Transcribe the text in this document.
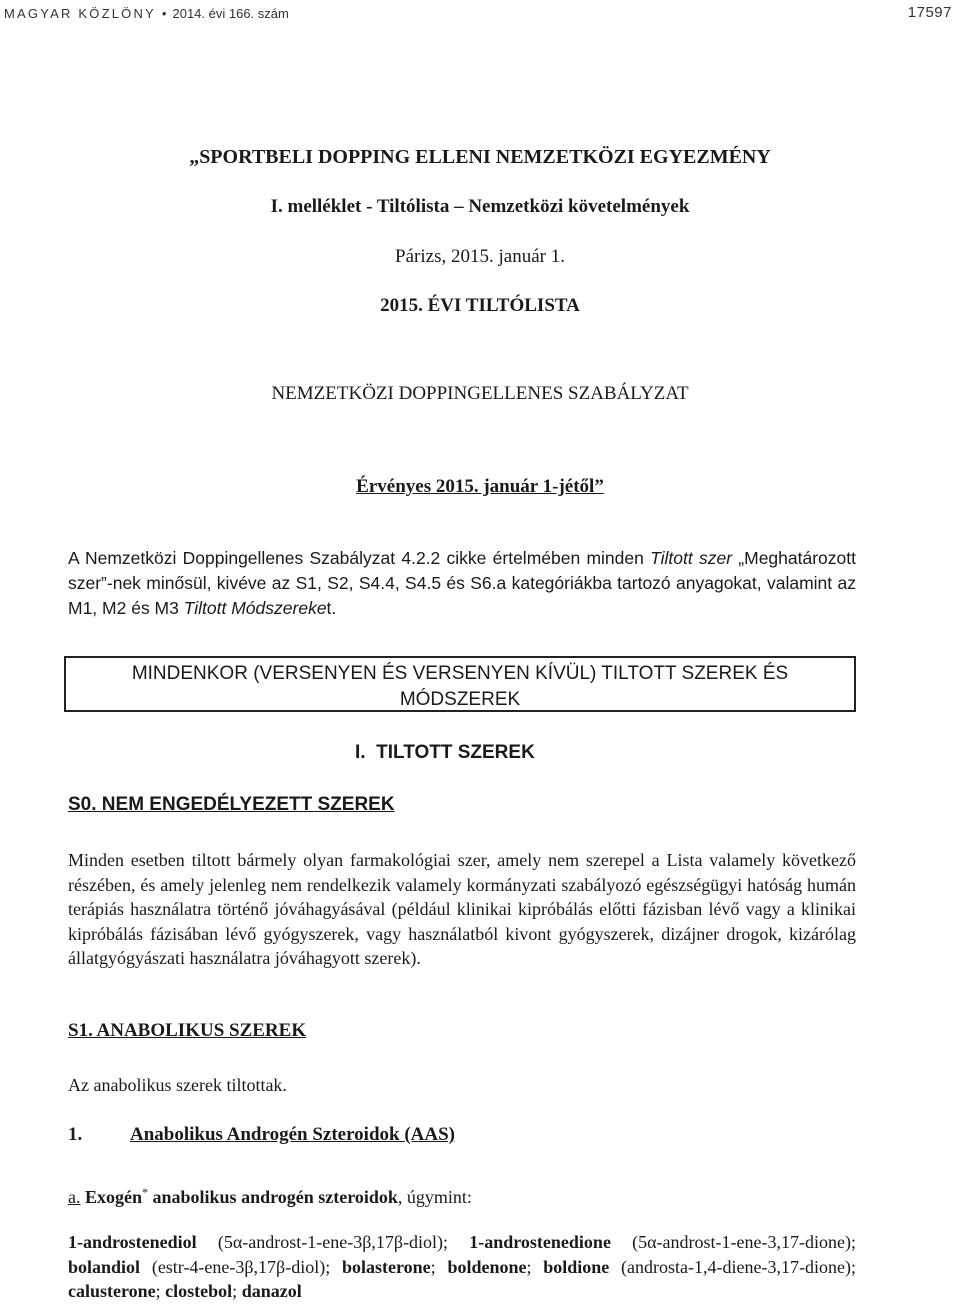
MAGYAR KÖZLÖNY • 2014. évi 166. szám	17597
„SPORTBELI DOPPING ELLENI NEMZETKÖZI EGYEZMÉNY
I. melléklet - Tiltólista – Nemzetközi követelmények
Párizs, 2015. január 1.
2015. ÉVI TILTÓLISTA
NEMZETKÖZI DOPPINGELLENES SZABÁLYZAT
Érvényes 2015. január 1-jétől”
A Nemzetközi Doppingellenes Szabályzat 4.2.2 cikke értelmében minden Tiltott szer „Meghatározott szer”-nek minősül, kivéve az S1, S2, S4.4, S4.5 és S6.a kategóriákba tartozó anyagokat, valamint az M1, M2 és M3 Tiltott Módszereket.
MINDENKOR (VERSENYEN ÉS VERSENYEN KÍVÜL) TILTOTT SZEREK ÉS
MÓDSZEREK
I.  TILTOTT SZEREK
S0. NEM ENGEDÉLYEZETT SZEREK
Minden esetben tiltott bármely olyan farmakológiai szer, amely nem szerepel a Lista valamely következő részében, és amely jelenleg nem rendelkezik valamely kormányzati szabályozó egészségügyi hatóság humán terápiás használatra történő jóváhagyásával (például klinikai kipróbálás előtti fázisban lévő vagy a klinikai kipróbálás fázisában lévő gyógyszerek, vagy használatból kivont gyógyszerek, dizájner drogok, kizárólag állatgyógyászati használatra jóváhagyott szerek).
S1. ANABOLIKUS SZEREK
Az anabolikus szerek tiltottak.
1.	Anabolikus Androgén Szteroidok (AAS)
a. Exogén* anabolikus androgén szteroidok, úgymint:
1-androstenediol (5α-androst-1-ene-3β,17β-diol); 1-androstenedione (5α-androst-1-ene-3,17-dione); bolandiol (estr-4-ene-3β,17β-diol); bolasterone; boldenone; boldione (androsta-1,4-diene-3,17-dione); calusterone; clostebol; danazol
